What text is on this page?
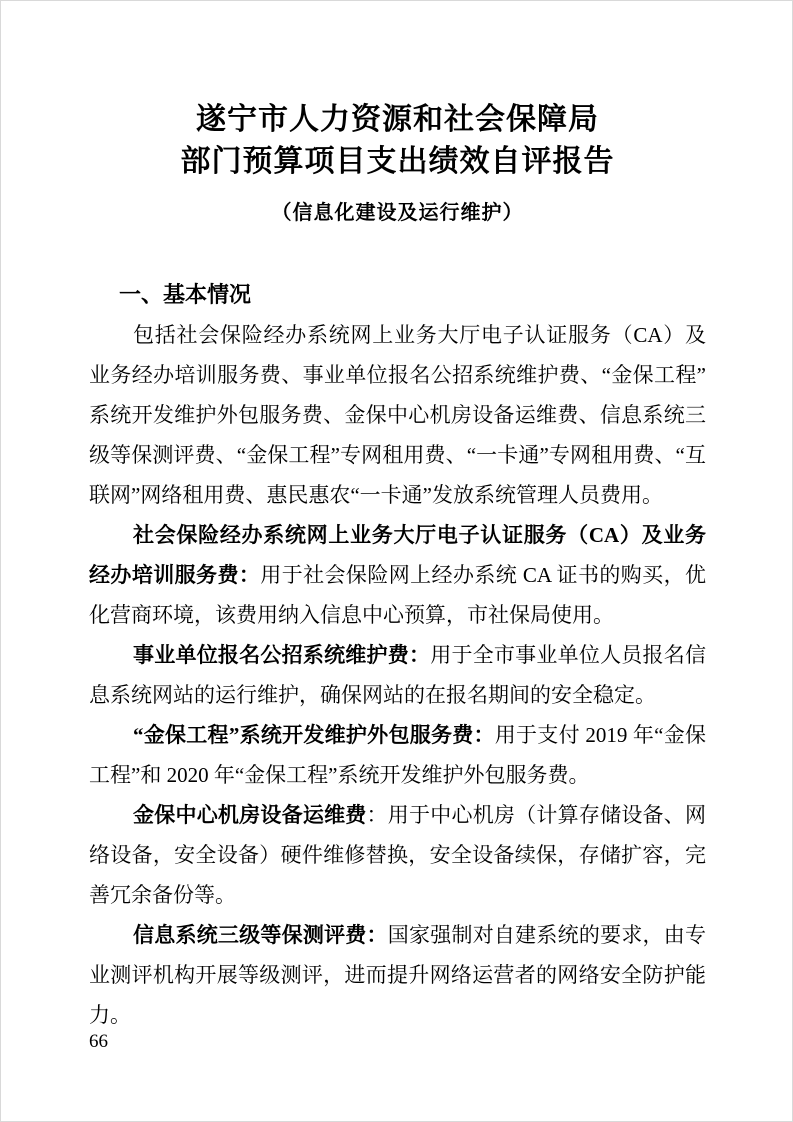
遂宁市人力资源和社会保障局
部门预算项目支出绩效自评报告
（信息化建设及运行维护）
一、基本情况
包括社会保险经办系统网上业务大厅电子认证服务（CA）及
业务经办培训服务费、事业单位报名公招系统维护费、“金保工程”
系统开发维护外包服务费、金保中心机房设备运维费、信息系统三
级等保测评费、“金保工程”专网租用费、“一卡通”专网租用费、“互
联网”网络租用费、惠民惠农“一卡通”发放系统管理人员费用。
社会保险经办系统网上业务大厅电子认证服务（CA）及业务
经办培训服务费：用于社会保险网上经办系统 CA 证书的购买，优
化营商环境，该费用纳入信息中心预算，市社保局使用。
事业单位报名公招系统维护费：用于全市事业单位人员报名信
息系统网站的运行维护，确保网站的在报名期间的安全稳定。
“金保工程”系统开发维护外包服务费：用于支付 2019 年“金保
工程”和 2020 年“金保工程”系统开发维护外包服务费。
金保中心机房设备运维费：用于中心机房（计算存储设备、网
络设备，安全设备）硬件维修替换，安全设备续保，存储扩容，完
善冗余备份等。
信息系统三级等保测评费：国家强制对自建系统的要求，由专
业测评机构开展等级测评，进而提升网络运营者的网络安全防护能
力。
66
